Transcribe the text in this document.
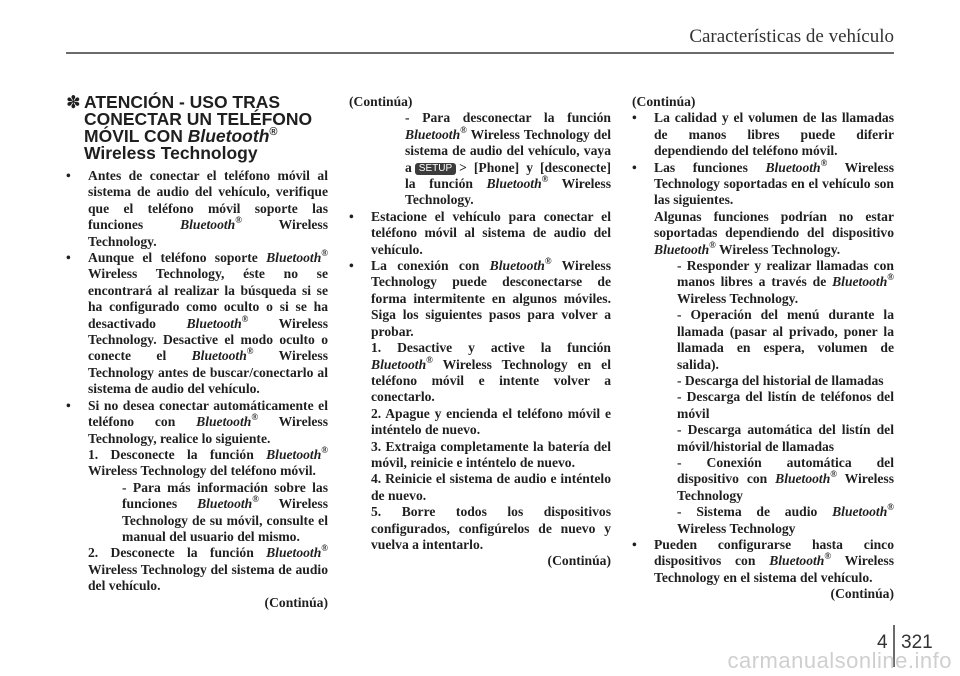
Características de vehículo
✽ ATENCIÓN - USO TRAS
CONECTAR UN TELÉFONO
MÓVIL CON Bluetooth®
Wireless Technology

• Antes de conectar el teléfono móvil al sistema de audio del vehículo, verifique que el teléfono móvil soporte las funciones	Bluetooth®	Wireless Technology.

• Aunque el teléfono soporte Bluetooth® Wireless Technology, éste no se encontrará al realizar la búsqueda si se ha configurado como oculto o si se ha desactivado Bluetooth® Wireless Technology. Desactive el modo oculto o conecte el Bluetooth® Wireless Technology antes de buscar/conectarlo al sistema de audio del vehículo.

• Si no desea conectar automáticamente el teléfono con Bluetooth® Wireless Technology, realice lo siguiente.

1. Desconecte la función Bluetooth® Wireless Technology del teléfono móvil.

- Para más información sobre las funciones Bluetooth® Wireless Technology de su móvil, consulte el manual del usuario del mismo.

2. Desconecte la función Bluetooth® Wireless Technology del sistema de audio del vehículo.

(Continúa)

(Continúa)

- Para desconectar la función Bluetooth® Wireless Technology del sistema de audio del vehículo, vaya a SETUP > [Phone] y [desconecte] la función Bluetooth® Wireless Technology.

• Estacione el vehículo para conectar el teléfono móvil al sistema de audio del vehículo.

• La conexión con Bluetooth® Wireless Technology puede desconectarse de forma intermitente en algunos móviles. Siga los siguientes pasos para volver a probar.

1. Desactive y active la función Bluetooth® Wireless Technology en el teléfono móvil e intente volver a conectarlo.

2. Apague y encienda el teléfono móvil e inténtelo de nuevo.

3. Extraiga completamente la batería del móvil, reinicie e inténtelo de nuevo.

4. Reinicie el sistema de audio e inténtelo de nuevo.

5. Borre todos los dispositivos configurados, configúrelos de nuevo y vuelva a intentarlo.

(Continúa)

(Continúa)

• La calidad y el volumen de las llamadas de manos libres puede diferir dependiendo del teléfono móvil.

• Las funciones Bluetooth® Wireless Technology soportadas en el vehículo son las siguientes.
Algunas funciones podrían no estar soportadas dependiendo del dispositivo Bluetooth® Wireless Technology.

- Responder y realizar llamadas con manos libres a través de Bluetooth® Wireless Technology.

- Operación del menú durante la llamada (pasar al privado, poner la llamada en espera, volumen de salida).

- Descarga del historial de llamadas

- Descarga del listín de teléfonos del móvil

- Descarga automática del listín del móvil/historial de llamadas

- Conexión automática del dispositivo con Bluetooth® Wireless Technology

- Sistema de audio Bluetooth® Wireless Technology

• Pueden configurarse hasta cinco dispositivos con Bluetooth® Wireless Technology en el sistema del vehículo.

(Continúa)

4 321
carmanualsonline.info
